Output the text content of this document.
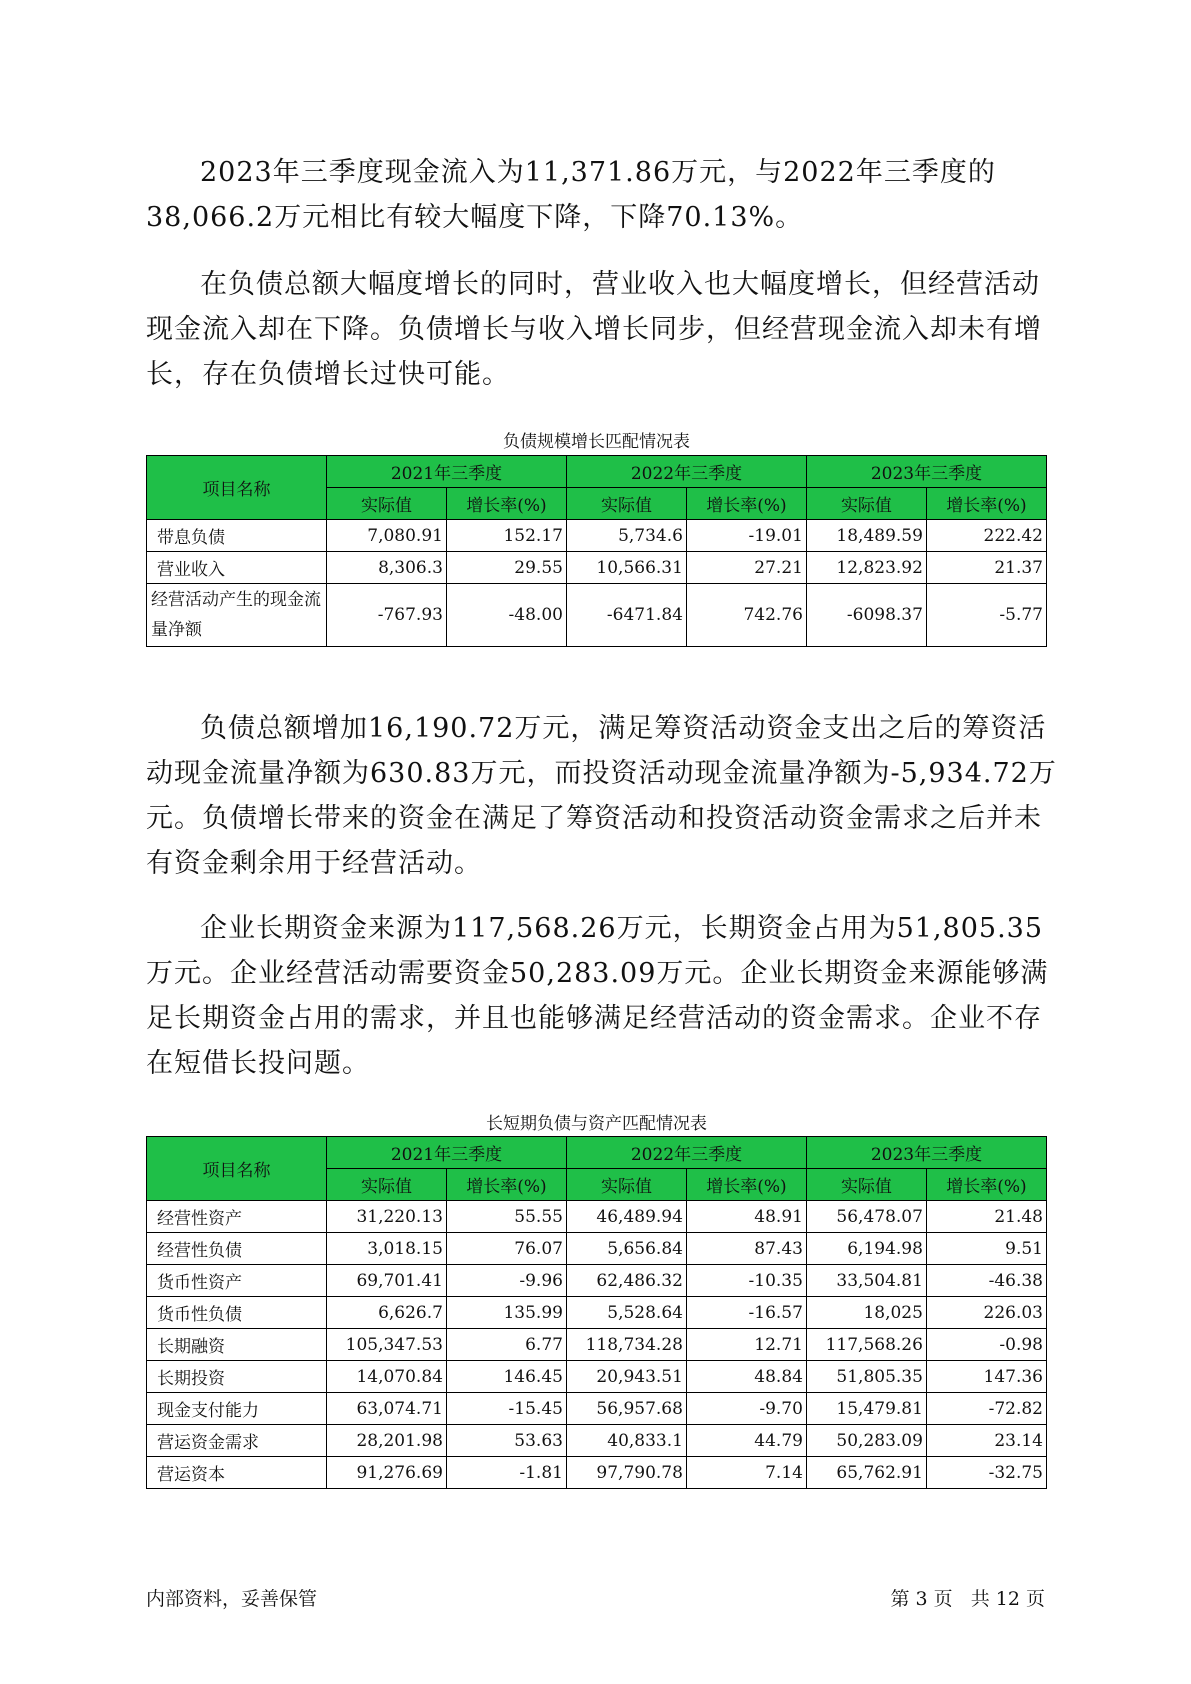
2023年三季度现金流入为11,371.86万元，与2022年三季度的38,066.2万元相比有较大幅度下降，下降70.13%。

在负债总额大幅度增长的同时，营业收入也大幅度增长，但经营活动现金流入却在下降。负债增长与收入增长同步，但经营现金流入却未有增长，存在负债增长过快可能。

负债规模增长匹配情况表
项目名称	2021年三季度		2022年三季度		2023年三季度	
	实际值	增长率(%)	实际值	增长率(%)	实际值	增长率(%)
带息负债	7,080.91	152.17	5,734.6	-19.01	18,489.59	222.42
营业收入	8,306.3	29.55	10,566.31	27.21	12,823.92	21.37
经营活动产生的现金流量净额	-767.93	-48.00	-6471.84	742.76	-6098.37	-5.77

负债总额增加16,190.72万元，满足筹资活动资金支出之后的筹资活动现金流量净额为630.83万元，而投资活动现金流量净额为-5,934.72万元。负债增长带来的资金在满足了筹资活动和投资活动资金需求之后并未有资金剩余用于经营活动。

企业长期资金来源为117,568.26万元，长期资金占用为51,805.35万元。企业经营活动需要资金50,283.09万元。企业长期资金来源能够满足长期资金占用的需求，并且也能够满足经营活动的资金需求。企业不存在短借长投问题。

长短期负债与资产匹配情况表
项目名称	2021年三季度		2022年三季度		2023年三季度	
	实际值	增长率(%)	实际值	增长率(%)	实际值	增长率(%)
经营性资产	31,220.13	55.55	46,489.94	48.91	56,478.07	21.48
经营性负债	3,018.15	76.07	5,656.84	87.43	6,194.98	9.51
货币性资产	69,701.41	-9.96	62,486.32	-10.35	33,504.81	-46.38
货币性负债	6,626.7	135.99	5,528.64	-16.57	18,025	226.03
长期融资	105,347.53	6.77	118,734.28	12.71	117,568.26	-0.98
长期投资	14,070.84	146.45	20,943.51	48.84	51,805.35	147.36
现金支付能力	63,074.71	-15.45	56,957.68	-9.70	15,479.81	-72.82
营运资金需求	28,201.98	53.63	40,833.1	44.79	50,283.09	23.14
营运资本	91,276.69	-1.81	97,790.78	7.14	65,762.91	-32.75
内部资料，妥善保管	第 3 页   共 12 页
